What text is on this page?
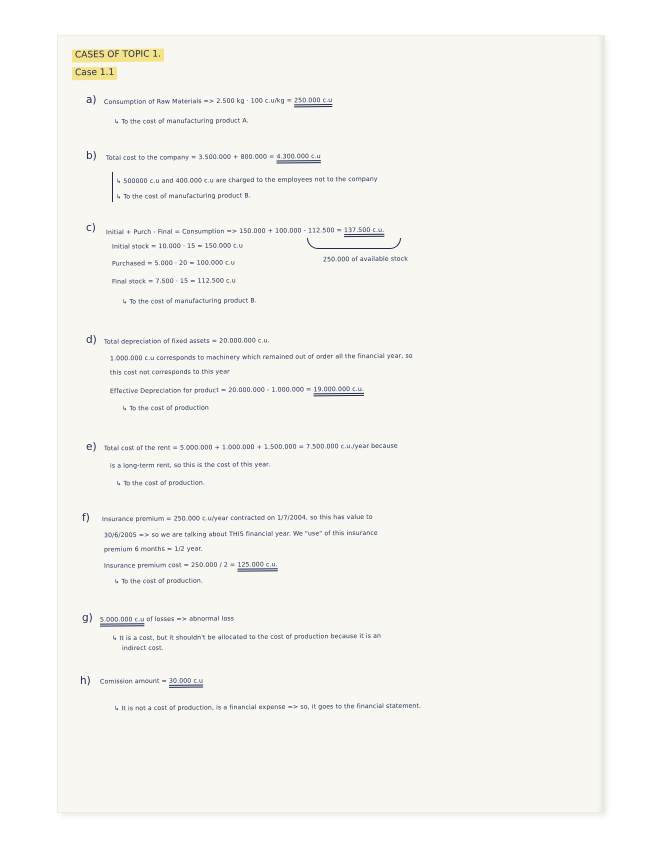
CASES OF TOPIC 1.
Case 1.1
a) Consumption of Raw Materials => 2.500 kg · 100 c.u/kg = 250.000 c.u
↳ To the cost of manufacturing product A.
b) Total cost to the company = 3.500.000 + 800.000 = 4.300.000 c.u
↳ 500000 c.u and 400.000 c.u are charged to the employees not to the company
↳ To the cost of manufacturing product B.
c) Initial + Purch - Final = Consumption => 150.000 + 100.000 - 112.500 = 137.500 c.u.
Initial stock = 10.000 · 15 = 150.000 c.u
Purchased = 5.000 · 20 = 100.000 c.u	250.000 of available stock
Final stock = 7.500 · 15 = 112.500 c.u
↳ To the cost of manufacturing product B.
d) Total depreciation of fixed assets = 20.000.000 c.u.
1.000.000 c.u corresponds to machinery which remained out of order all the financial year, so
this cost not corresponds to this year
Effective Depreciation for product = 20.000.000 - 1.000.000 = 19.000.000 c.u.
↳ To the cost of production
e) Total cost of the rent = 5.000.000 + 1.000.000 + 1.500.000 = 7.500.000 c.u./year because
is a long-term rent, so this is the cost of this year.
↳ To the cost of production.
f) Insurance premium = 250.000 c.u/year contracted on 1/7/2004, so this has value to
30/6/2005 => so we are talking about THIS financial year. We "use" of this insurance
premium 6 months = 1/2 year.
Insurance premium cost = 250.000 / 2 = 125.000 c.u.
↳ To the cost of production.
g) 5.000.000 c.u of losses => abnormal loss
↳ It is a cost, but it shouldn't be allocated to the cost of production because it is an
indirect cost.
h) Comission amount = 30.000 c.u
↳ It is not a cost of production, is a financial expense => so, it goes to the financial statement.
